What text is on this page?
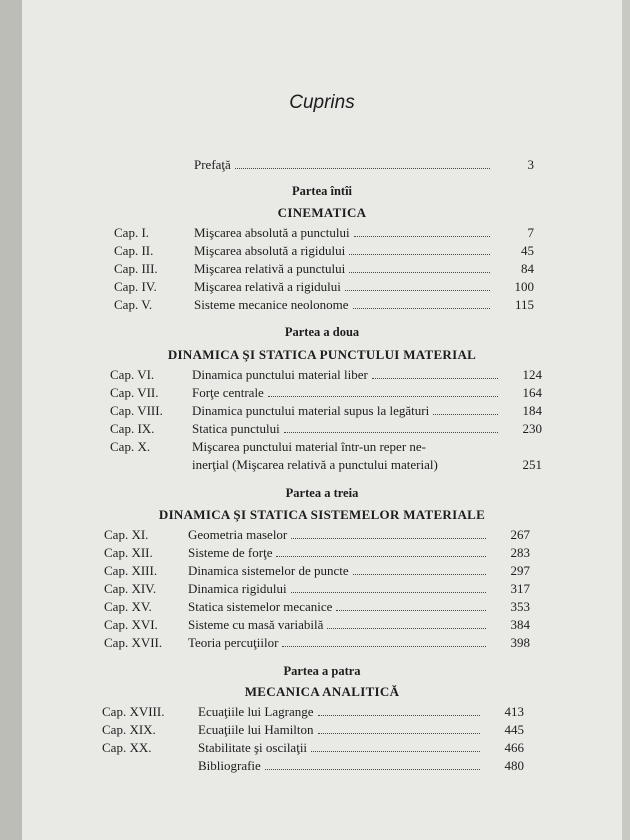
Cuprins
Prefaţă	3
Partea întîi
CINEMATICA
Cap. I.	Mişcarea absolută a punctului	7
Cap. II.	Mişcarea absolută a rigidului	45
Cap. III.	Mişcarea relativă a punctului	84
Cap. IV.	Mişcarea relativă a rigidului	100
Cap. V.	Sisteme mecanice neolonome	115
Partea a doua
DINAMICA ŞI STATICA PUNCTULUI MATERIAL
Cap. VI.	Dinamica punctului material liber	124
Cap. VII.	Forţe centrale	164
Cap. VIII. Dinamica punctului material supus la legături	184
Cap. IX.	Statica punctului	230
Cap. X.	Mişcarea punctului material într-un reper ne-
inerţial (Mişcarea relativă a punctului material)	251
Partea a treia
DINAMICA ŞI STATICA SISTEMELOR MATERIALE
Cap. XI.	Geometria maselor	267
Cap. XII.	Sisteme de forţe	283
Cap. XIII. Dinamica sistemelor de puncte	297
Cap. XIV. Dinamica rigidului	317
Cap. XV.	Statica sistemelor mecanice	353
Cap. XVI. Sisteme cu masă variabilă	384
Cap. XVII. Teoria percuţiilor	398
Partea a patra
MECANICA ANALITICĂ
Cap. XVIII.	Ecuaţiile lui Lagrange	413
Cap. XIX.	Ecuaţiile lui Hamilton	445
Cap. XX.	Stabilitate şi oscilaţii	466
Bibliografie	480
